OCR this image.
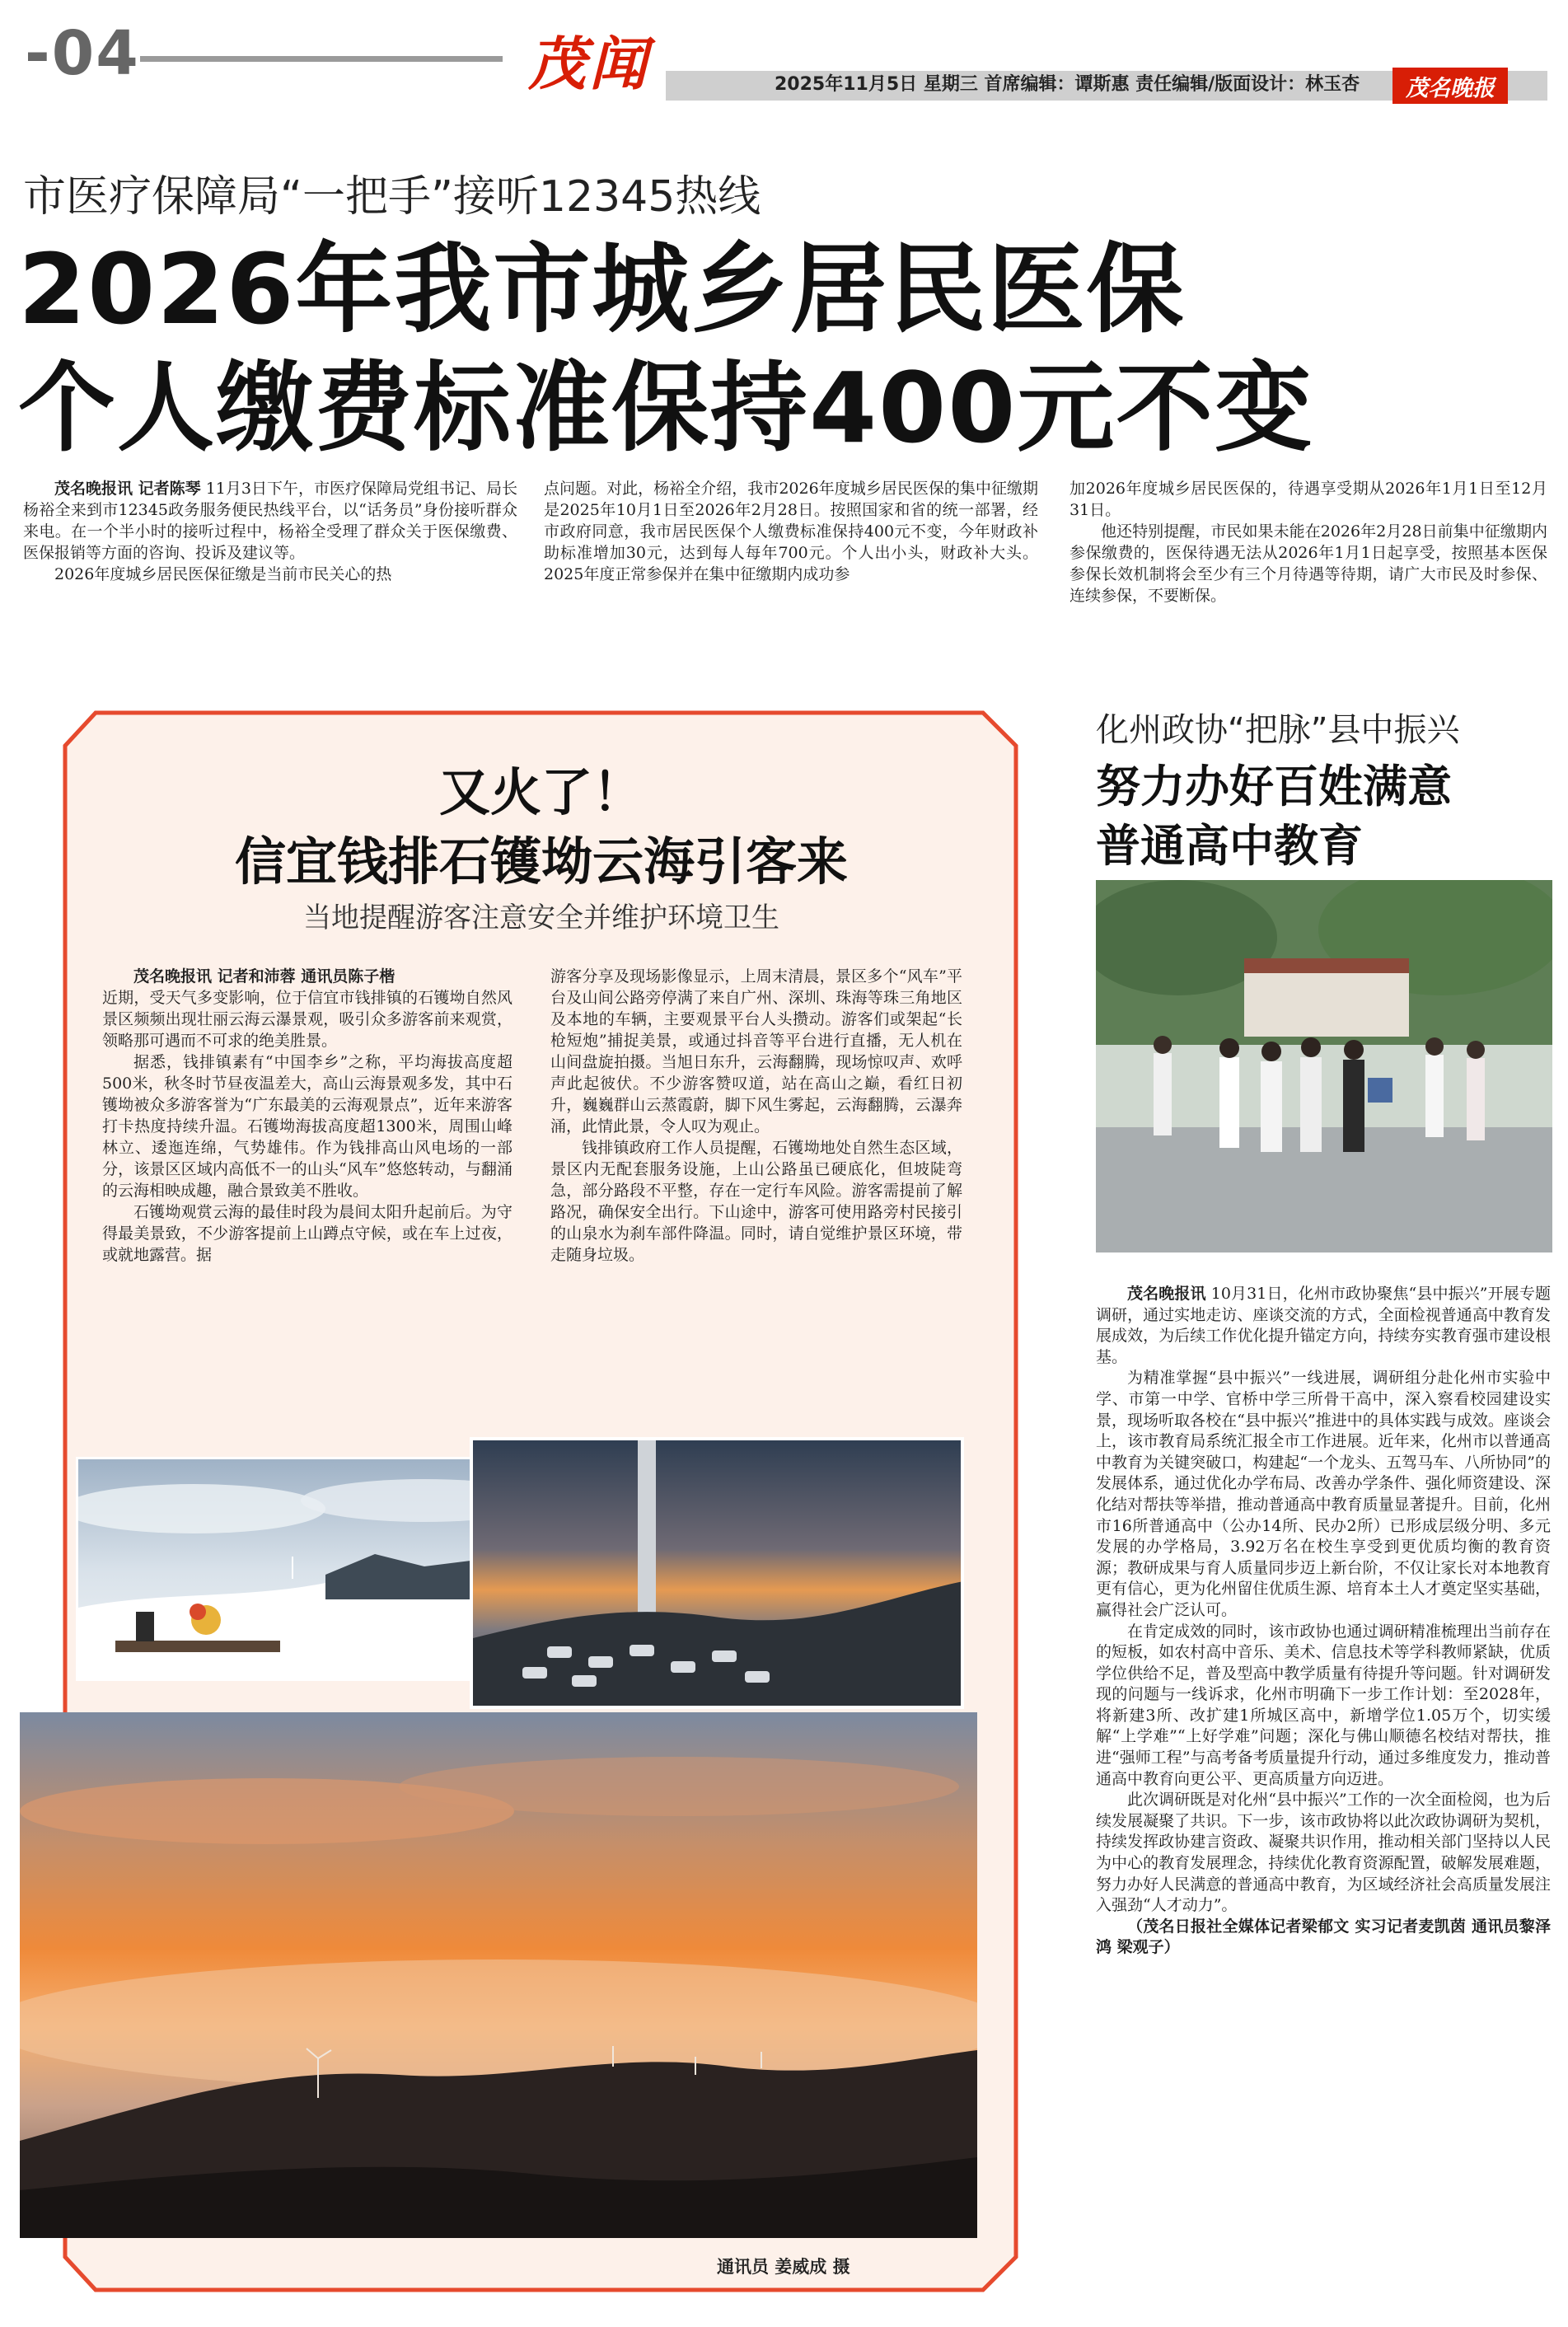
-04	茂 闻	2025年11月5日 星期三 首席编辑：谭斯惠 责任编辑/版面设计：林玉杏	茂名晚报
市医疗保障局“一把手”接听12345热线
2026年我市城乡居民医保
个人缴费标准保持400元不变

茂名晚报讯 记者陈琴 11月3日下午，市医疗保障局党组书记、局长杨裕全来到市12345政务服务便民热线平台，以“话务员”身份接听群众来电。在一个半小时的接听过程中，杨裕全受理了群众关于医保缴费、医保报销等方面的咨询、投诉及建议等。

2026年度城乡居民医保征缴是当前市民关心的热

点问题。对此，杨裕全介绍，我市2026年度城乡居民医保的集中征缴期是2025年10月1日至2026年2月28日。按照国家和省的统一部署，经市政府同意，我市居民医保个人缴费标准保持400元不变，今年财政补助标准增加30元，达到每人每年700元。个人出小头，财政补大头。2025年度正常参保并在集中征缴期内成功参

加2026年度城乡居民医保的，待遇享受期从2026年1月1日至12月31日。

他还特别提醒，市民如果未能在2026年2月28日前集中征缴期内参保缴费的，医保待遇无法从2026年1月1日起享受，按照基本医保参保长效机制将会至少有三个月待遇等待期，请广大市民及时参保、连续参保，不要断保。

又火了！
信宜钱排石镬坳云海引客来
当地提醒游客注意安全并维护环境卫生

茂名晚报讯 记者和沛蓉 通讯员陈子楷

近期，受天气多变影响，位于信宜市钱排镇的石镬坳自然风景区频频出现壮丽云海云瀑景观，吸引众多游客前来观赏，领略那可遇而不可求的绝美胜景。

据悉，钱排镇素有“中国李乡”之称，平均海拔高度超500米，秋冬时节昼夜温差大，高山云海景观多发，其中石镬坳被众多游客誉为“广东最美的云海观景点”，近年来游客打卡热度持续升温。石镬坳海拔高度超1300米，周围山峰林立、逶迤连绵，气势雄伟。作为钱排高山风电场的一部分，该景区区域内高低不一的山头“风车”悠悠转动，与翻涌的云海相映成趣，融合景致美不胜收。

石镬坳观赏云海的最佳时段为晨间太阳升起前后。为守得最美景致，不少游客提前上山蹲点守候，或在车上过夜，或就地露营。据

游客分享及现场影像显示，上周末清晨，景区多个“风车”平台及山间公路旁停满了来自广州、深圳、珠海等珠三角地区及本地的车辆，主要观景平台人头攒动。游客们或架起“长枪短炮”捕捉美景，或通过抖音等平台进行直播，无人机在山间盘旋拍摄。当旭日东升，云海翻腾，现场惊叹声、欢呼声此起彼伏。不少游客赞叹道，站在高山之巅，看红日初升，巍巍群山云蒸霞蔚，脚下风生雾起，云海翻腾，云瀑奔涌，此情此景，令人叹为观止。

钱排镇政府工作人员提醒，石镬坳地处自然生态区域，景区内无配套服务设施，上山公路虽已硬底化，但坡陡弯急，部分路段不平整，存在一定行车风险。游客需提前了解路况，确保安全出行。下山途中，游客可使用路旁村民接引的山泉水为刹车部件降温。同时，请自觉维护景区环境，带走随身垃圾。

通讯员 姜威成 摄
化州政协“把脉”县中振兴
努力办好百姓满意
普通高中教育

茂名晚报讯 10月31日，化州市政协聚焦“县中振兴”开展专题调研，通过实地走访、座谈交流的方式，全面检视普通高中教育发展成效，为后续工作优化提升锚定方向，持续夯实教育强市建设根基。

为精准掌握“县中振兴”一线进展，调研组分赴化州市实验中学、市第一中学、官桥中学三所骨干高中，深入察看校园建设实景，现场听取各校在“县中振兴”推进中的具体实践与成效。座谈会上，该市教育局系统汇报全市工作进展。近年来，化州市以普通高中教育为关键突破口，构建起“一个龙头、五驾马车、八所协同”的发展体系，通过优化办学布局、改善办学条件、强化师资建设、深化结对帮扶等举措，推动普通高中教育质量显著提升。目前，化州市16所普通高中（公办14所、民办2所）已形成层级分明、多元发展的办学格局，3.92万名在校生享受到更优质均衡的教育资源；教研成果与育人质量同步迈上新台阶，不仅让家长对本地教育更有信心，更为化州留住优质生源、培育本土人才奠定坚实基础，赢得社会广泛认可。

在肯定成效的同时，该市政协也通过调研精准梳理出当前存在的短板，如农村高中音乐、美术、信息技术等学科教师紧缺，优质学位供给不足，普及型高中教学质量有待提升等问题。针对调研发现的问题与一线诉求，化州市明确下一步工作计划：至2028年，将新建3所、改扩建1所城区高中，新增学位1.05万个，切实缓解“上学难”“上好学难”问题；深化与佛山顺德名校结对帮扶，推进“强师工程”与高考备考质量提升行动，通过多维度发力，推动普通高中教育向更公平、更高质量方向迈进。

此次调研既是对化州“县中振兴”工作的一次全面检阅，也为后续发展凝聚了共识。下一步，该市政协将以此次政协调研为契机，持续发挥政协建言资政、凝聚共识作用，推动相关部门坚持以人民为中心的教育发展理念，持续优化教育资源配置，破解发展难题，努力办好人民满意的普通高中教育，为区域经济社会高质量发展注入强劲“人才动力”。

（茂名日报社全媒体记者梁郁文 实习记者麦凯茵 通讯员黎泽鸿 梁观子）
